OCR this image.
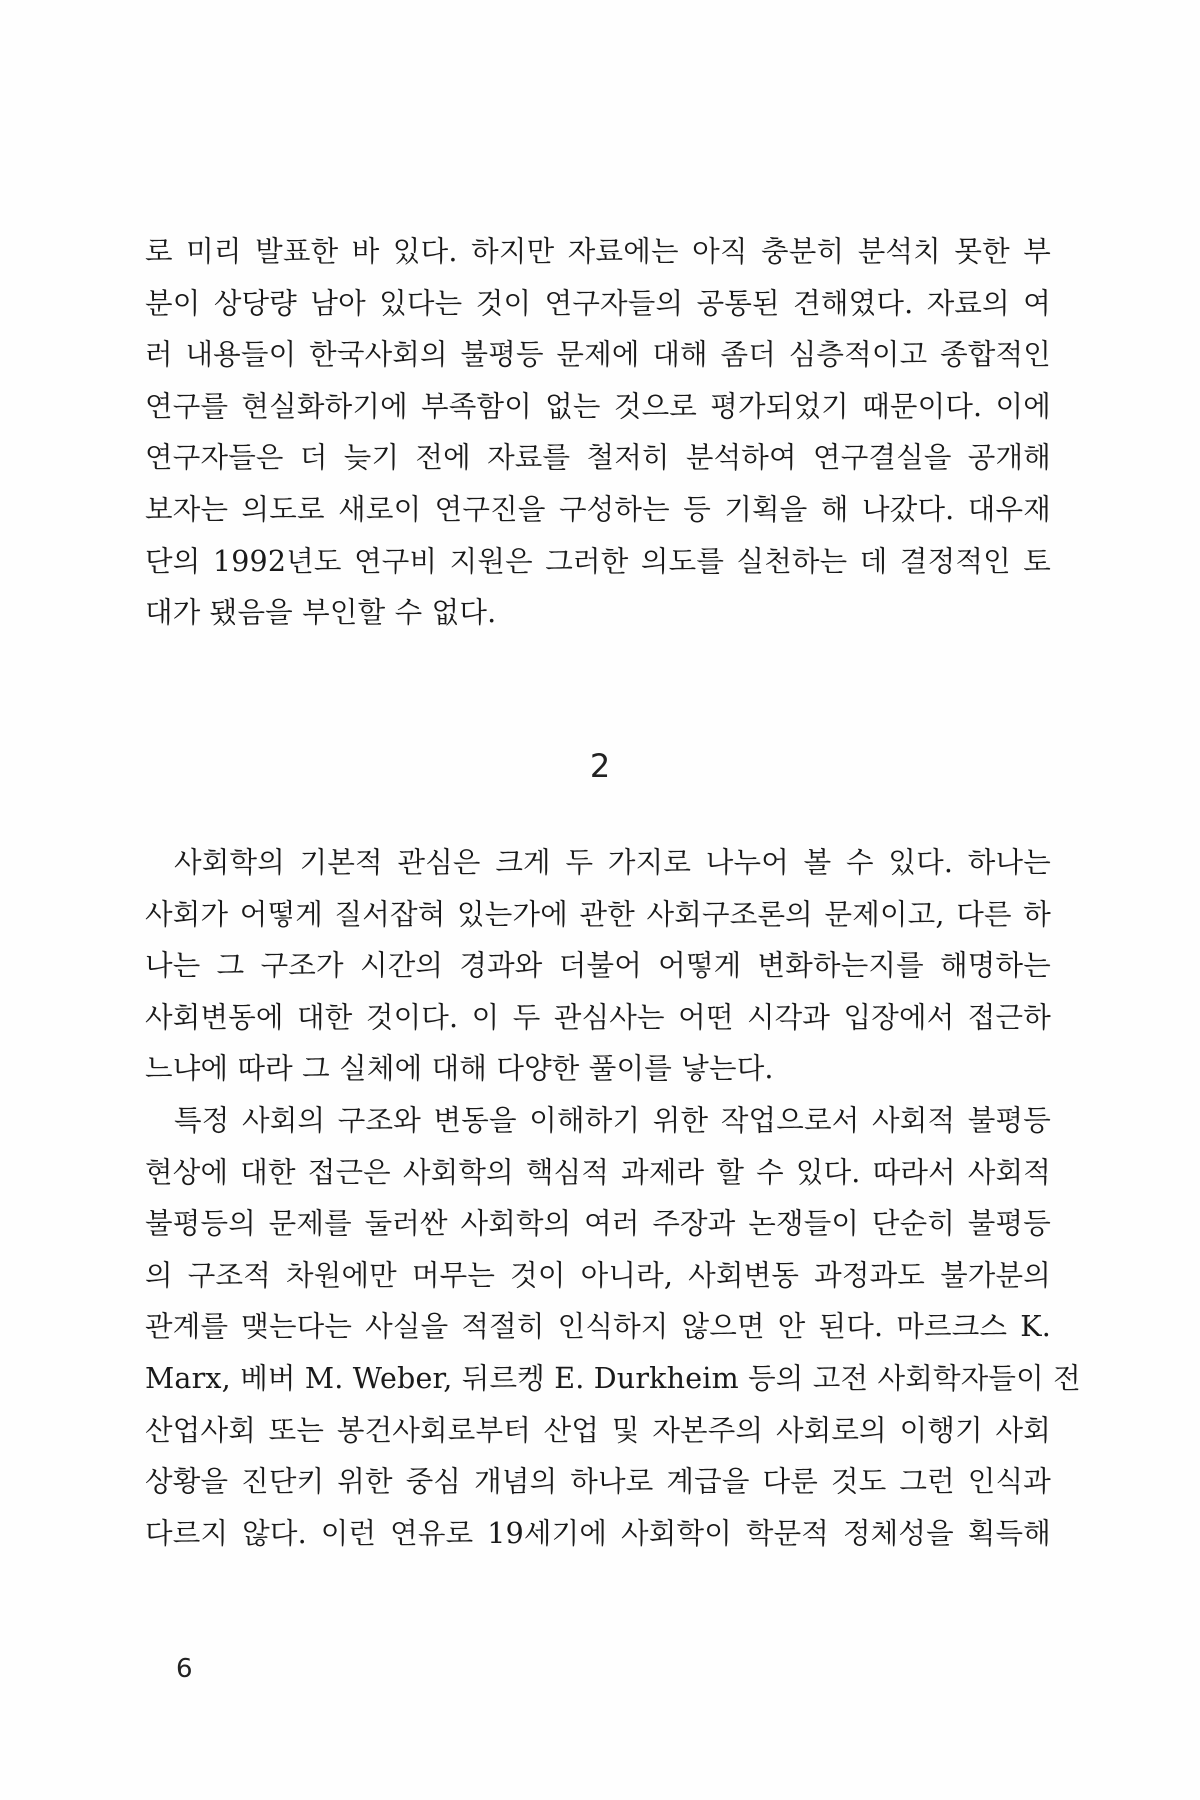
로 미리 발표한 바 있다. 하지만 자료에는 아직 충분히 분석치 못한 부
분이 상당량 남아 있다는 것이 연구자들의 공통된 견해였다. 자료의 여
러 내용들이 한국사회의 불평등 문제에 대해 좀더 심층적이고 종합적인
연구를 현실화하기에 부족함이 없는 것으로 평가되었기 때문이다. 이에
연구자들은 더 늦기 전에 자료를 철저히 분석하여 연구결실을 공개해
보자는 의도로 새로이 연구진을 구성하는 등 기획을 해 나갔다. 대우재
단의 1992년도 연구비 지원은 그러한 의도를 실천하는 데 결정적인 토
대가 됐음을 부인할 수 없다.
2
사회학의 기본적 관심은 크게 두 가지로 나누어 볼 수 있다. 하나는
사회가 어떻게 질서잡혀 있는가에 관한 사회구조론의 문제이고, 다른 하
나는 그 구조가 시간의 경과와 더불어 어떻게 변화하는지를 해명하는
사회변동에 대한 것이다. 이 두 관심사는 어떤 시각과 입장에서 접근하
느냐에 따라 그 실체에 대해 다양한 풀이를 낳는다.
특정 사회의 구조와 변동을 이해하기 위한 작업으로서 사회적 불평등
현상에 대한 접근은 사회학의 핵심적 과제라 할 수 있다. 따라서 사회적
불평등의 문제를 둘러싼 사회학의 여러 주장과 논쟁들이 단순히 불평등
의 구조적 차원에만 머무는 것이 아니라, 사회변동 과정과도 불가분의
관계를 맺는다는 사실을 적절히 인식하지 않으면 안 된다. 마르크스 K.
Marx, 베버 M. Weber, 뒤르켕 E. Durkheim 등의 고전 사회학자들이 전
산업사회 또는 봉건사회로부터 산업 및 자본주의 사회로의 이행기 사회
상황을 진단키 위한 중심 개념의 하나로 계급을 다룬 것도 그런 인식과
다르지 않다. 이런 연유로 19세기에 사회학이 학문적 정체성을 획득해
6
